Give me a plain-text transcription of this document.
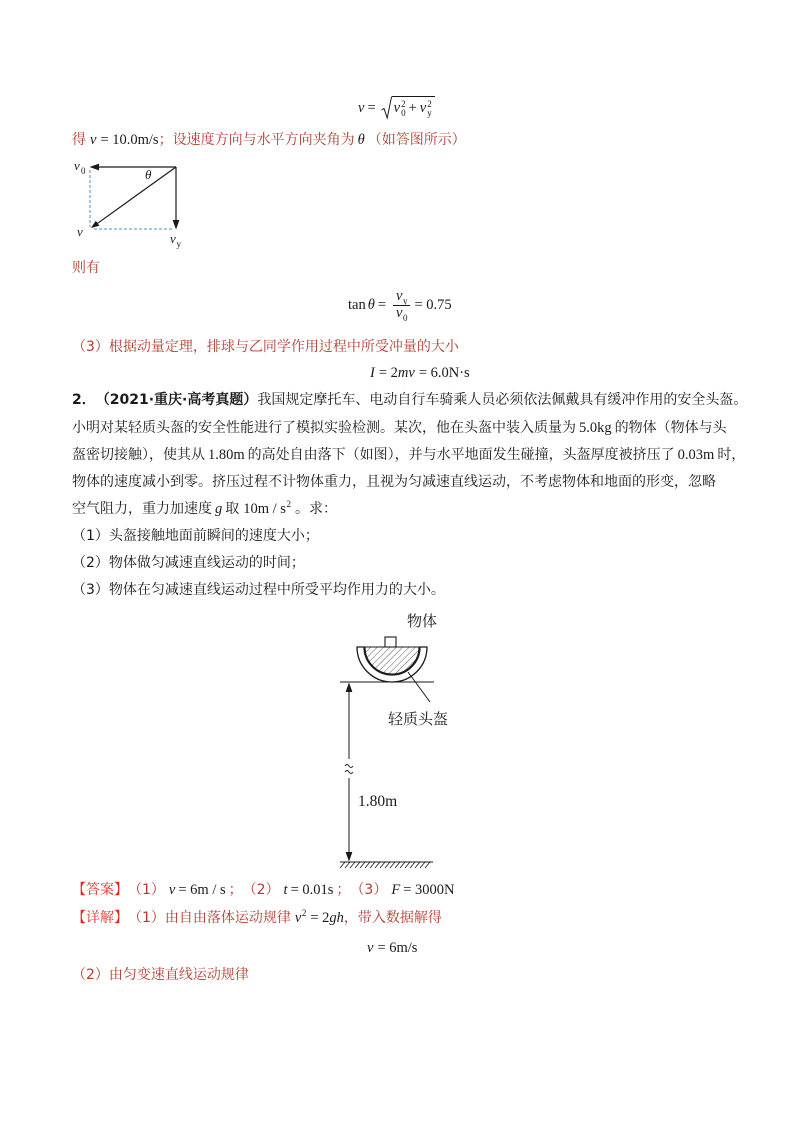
v = v 2
0 + v 2
y
得 v = 10.0m/s ；设速度方向与水平方向夹角为 θ （如答图所示）
v 0	θ
v	v y
则有
$\tan \theta = \frac{\text{v y}}{v 0} = 0.75$
（3）根据动量定理，排球与乙同学作用过程中所受冲量的大小
I = 2 mv = 6.0N·s
2． （2021·重庆·高考真题） 我国规定摩托车、电动自行车骑乘人员必须依法佩戴具有缓冲作用的安全头盔。
小明对某轻质头盔的安全性能进行了模拟实验检测。某次，他在头盔中装入质量为 5.0kg 的物体（物体与头
盔密切接触），使其从 1.80m 的高处自由落下（如图），并与水平地面发生碰撞，头盔厚度被挤压了 0.03m 时，
物体的速度减小到零。挤压过程不计物体重力，且视为匀减速直线运动，不考虑物体和地面的形变，忽略
空气阻力，重力加速度 g 取 10m / s 2 。求：
（1）头盔接触地面前瞬间的速度大小；
（2）物体做匀减速直线运动的时间；
（3）物体在匀减速直线运动过程中所受平均作用力的大小。
物体
轻质头盔
1.80m
【答案】 （1） v = 6m / s ； （2） t = 0.01s ； （3） F = 3000N
【详解】 （1）由自由落体运动规律 v 2 = 2 gh ，带入数据解得
v = 6m/s
（2）由匀变速直线运动规律
